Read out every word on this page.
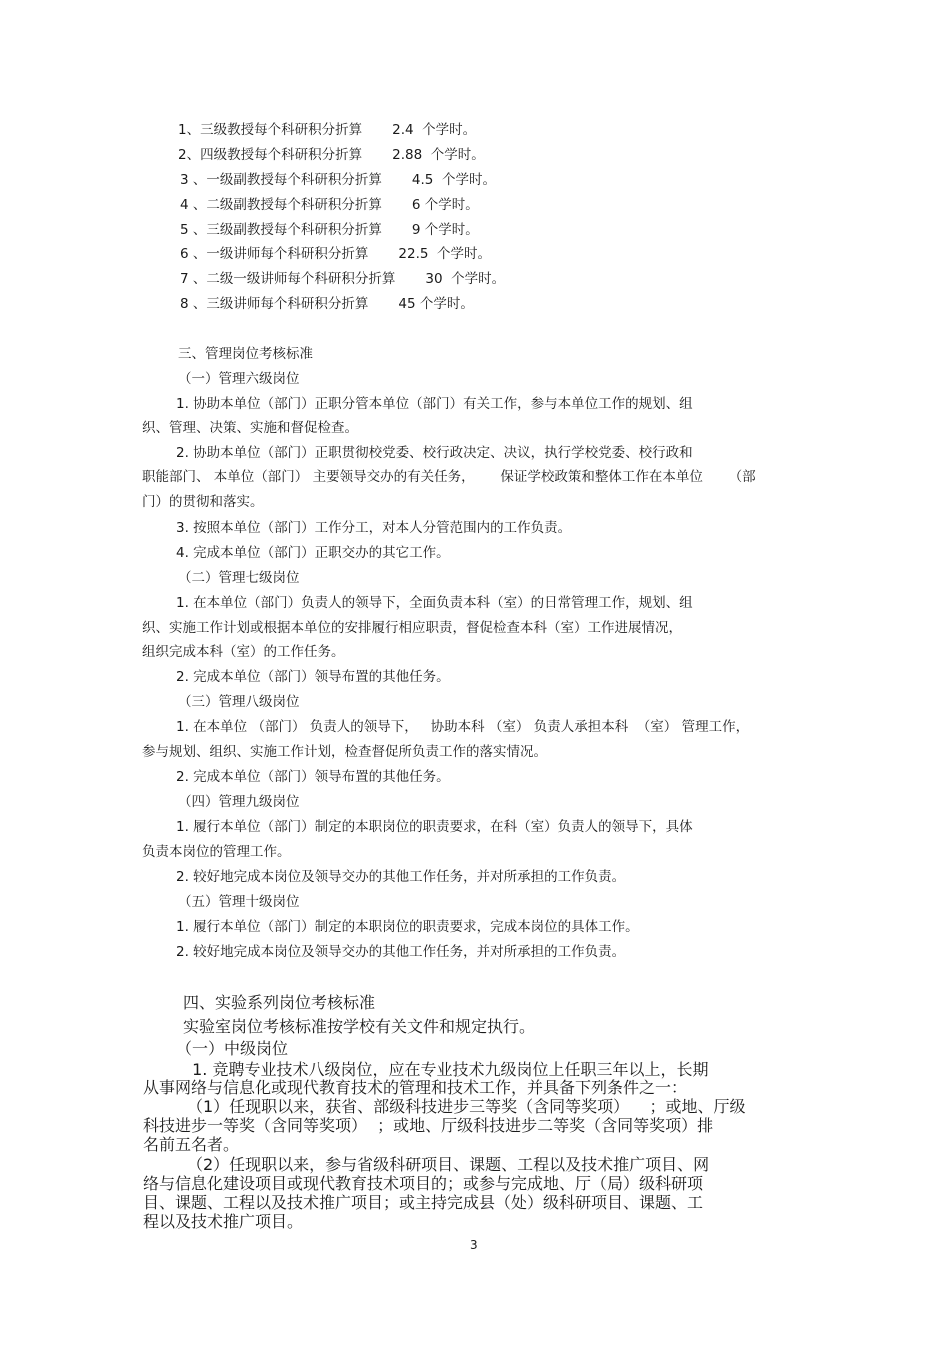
1、三级教授每个科研积分折算       2.4  个学时。
2、四级教授每个科研积分折算       2.88  个学时。
3 、一级副教授每个科研积分折算       4.5  个学时。
4 、二级副教授每个科研积分折算       6 个学时。
5 、三级副教授每个科研积分折算       9 个学时。
6 、一级讲师每个科研积分折算       22.5  个学时。
7 、二级一级讲师每个科研积分折算       30  个学时。
8 、三级讲师每个科研积分折算       45 个学时。
三、管理岗位考核标准
（一）管理六级岗位
1. 协助本单位（部门）正职分管本单位（部门）有关工作，参与本单位工作的规划、组
织、管理、决策、实施和督促检查。
2. 协助本单位（部门）正职贯彻校党委、校行政决定、决议，执行学校党委、校行政和
职能部门、 本单位（部门） 主要领导交办的有关任务，      保证学校政策和整体工作在本单位      （部
门）的贯彻和落实。
3. 按照本单位（部门）工作分工，对本人分管范围内的工作负责。
4. 完成本单位（部门）正职交办的其它工作。
（二）管理七级岗位
1. 在本单位（部门）负责人的领导下，全面负责本科（室）的日常管理工作，规划、组
织、实施工作计划或根据本单位的安排履行相应职责，督促检查本科（室）工作进展情况，
组织完成本科（室）的工作任务。
2. 完成本单位（部门）领导布置的其他任务。
（三）管理八级岗位
1. 在本单位 （部门） 负责人的领导下，   协助本科 （室） 负责人承担本科  （室） 管理工作，
参与规划、组织、实施工作计划，检查督促所负责工作的落实情况。
2. 完成本单位（部门）领导布置的其他任务。
（四）管理九级岗位
1. 履行本单位（部门）制定的本职岗位的职责要求，在科（室）负责人的领导下，具体
负责本岗位的管理工作。
2. 较好地完成本岗位及领导交办的其他工作任务，并对所承担的工作负责。
（五）管理十级岗位
1. 履行本单位（部门）制定的本职岗位的职责要求，完成本岗位的具体工作。
2. 较好地完成本岗位及领导交办的其他工作任务，并对所承担的工作负责。
四、实验系列岗位考核标准
实验室岗位考核标准按学校有关文件和规定执行。
（一）中级岗位
1. 竞聘专业技术八级岗位，应在专业技术九级岗位上任职三年以上，长期
从事网络与信息化或现代教育技术的管理和技术工作，并具备下列条件之一：
（1）任现职以来，获省、部级科技进步三等奖（含同等奖项）    ；或地、厅级
科技进步一等奖（含同等奖项）  ；或地、厅级科技进步二等奖（含同等奖项）排
名前五名者。
（2）任现职以来，参与省级科研项目、课题、工程以及技术推广项目、网
络与信息化建设项目或现代教育技术项目的；或参与完成地、厅（局）级科研项
目、课题、工程以及技术推广项目；或主持完成县（处）级科研项目、课题、工
程以及技术推广项目。
3
